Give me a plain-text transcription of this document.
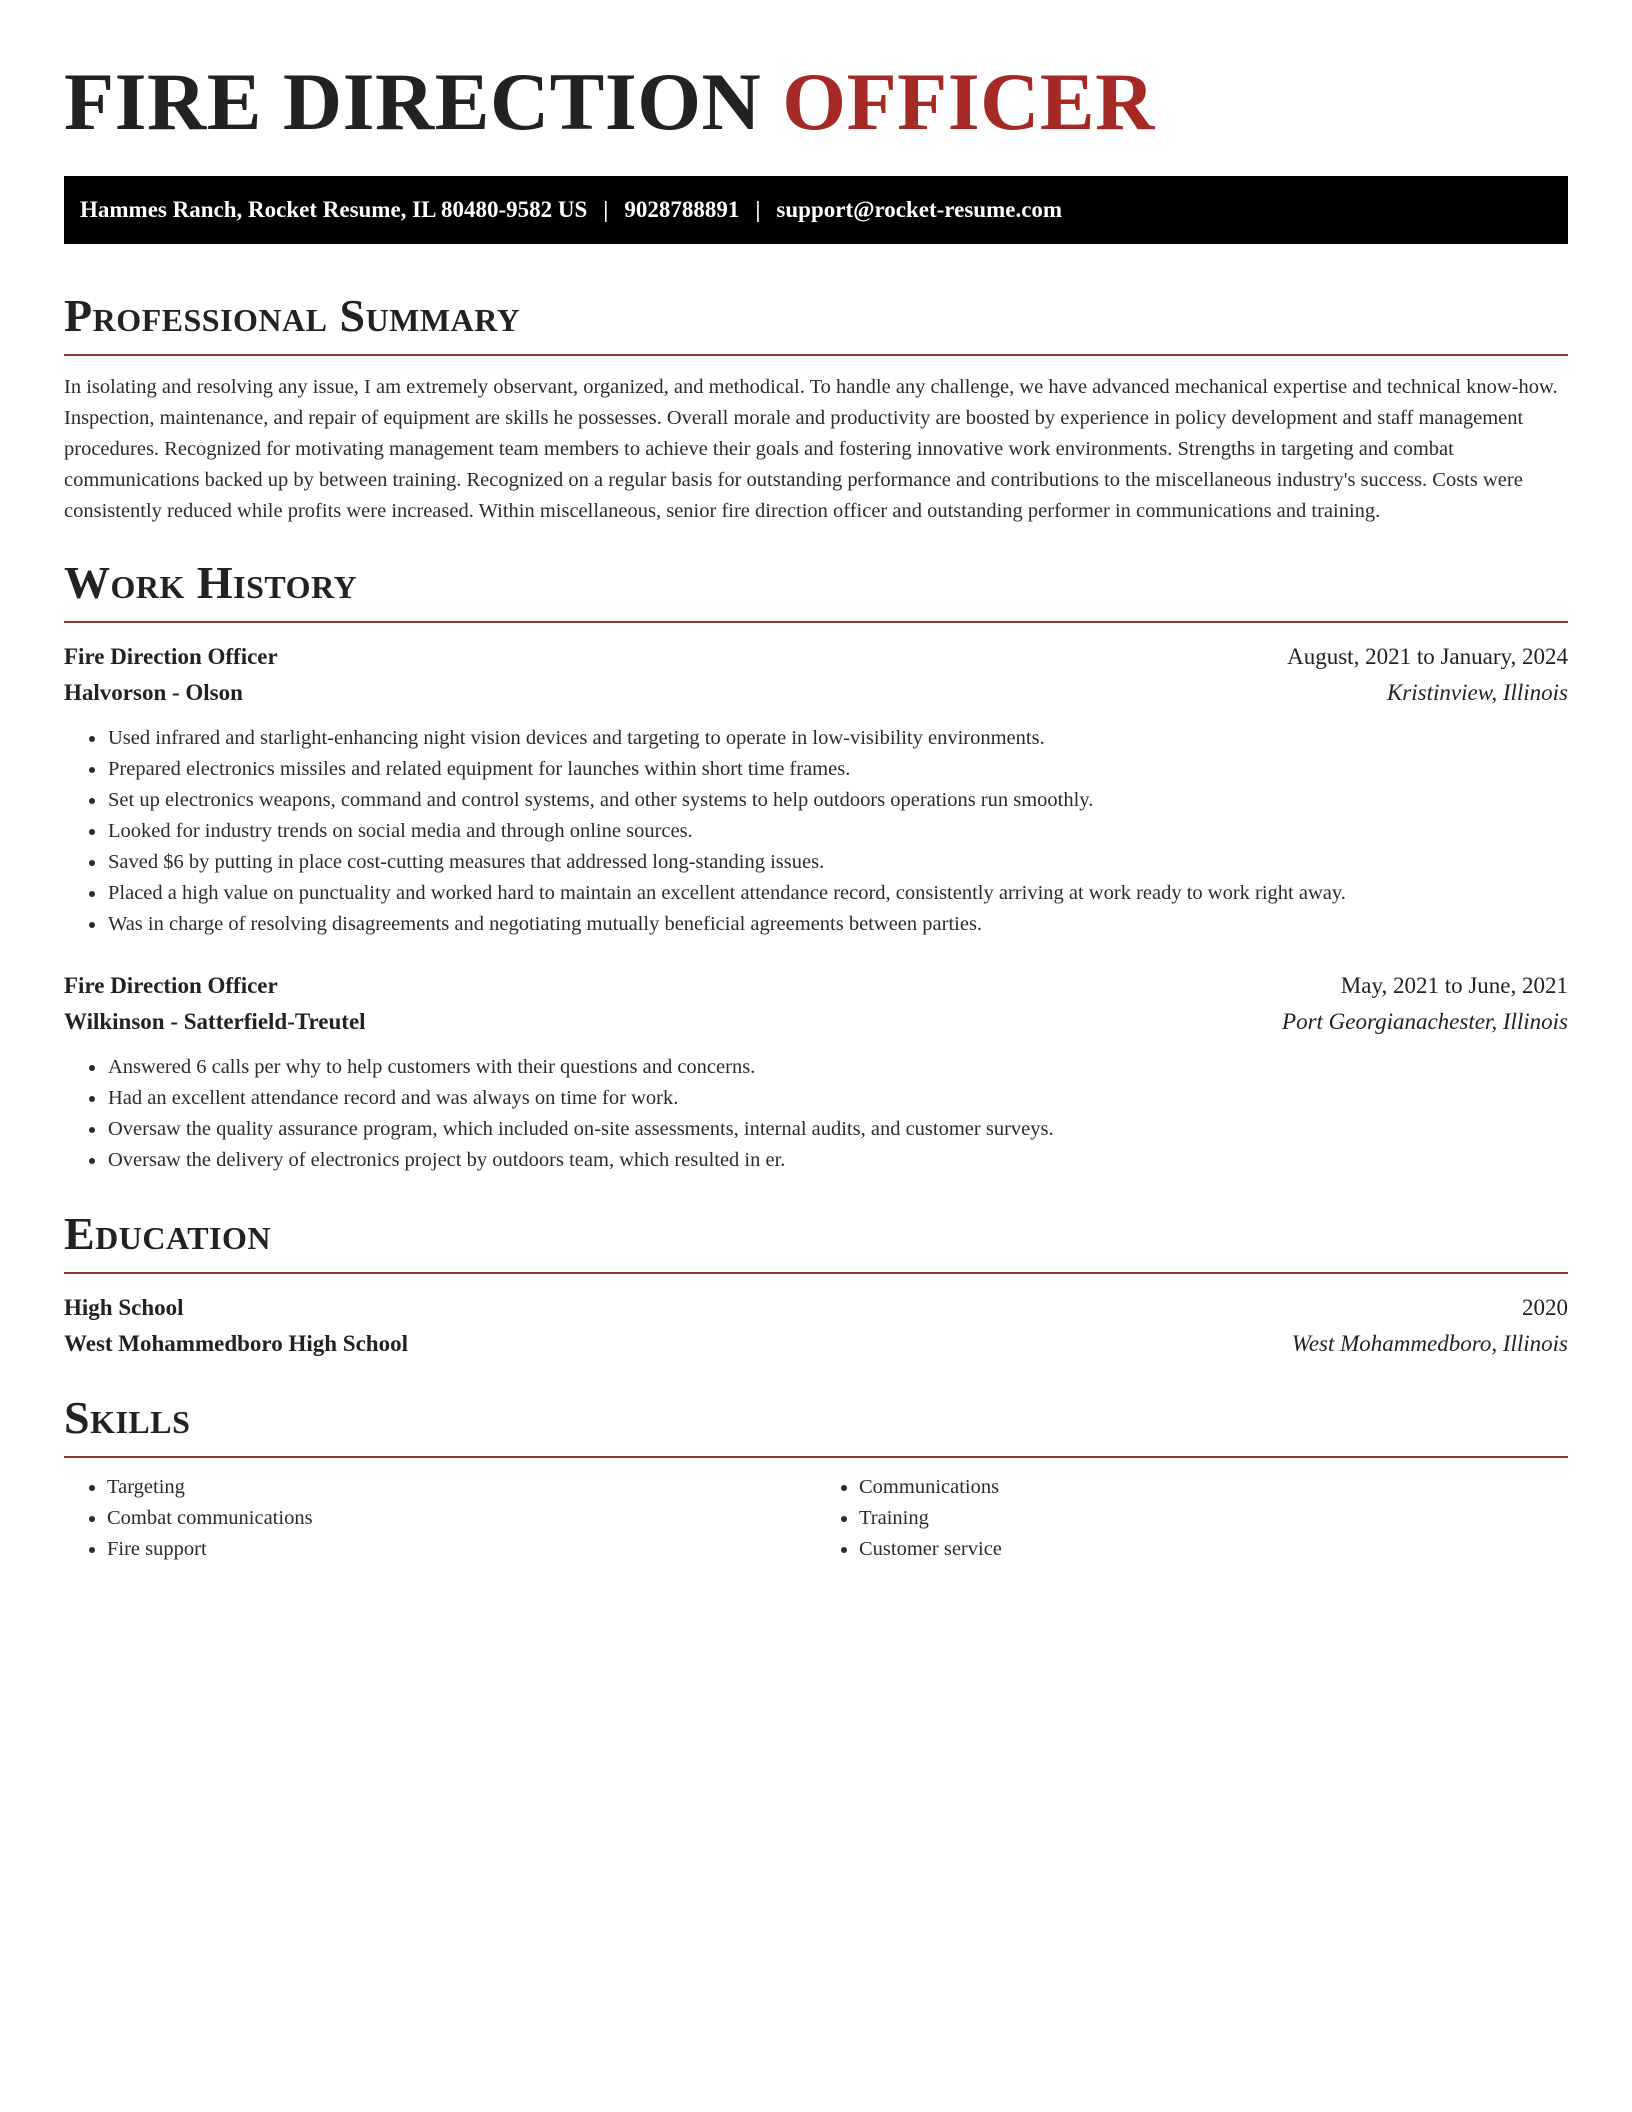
FIRE DIRECTION OFFICER
Hammes Ranch, Rocket Resume, IL 80480-9582 US | 9028788891 | support@rocket-resume.com
Professional Summary

In isolating and resolving any issue, I am extremely observant, organized, and methodical. To handle any challenge, we have advanced mechanical expertise and technical know-how. Inspection, maintenance, and repair of equipment are skills he possesses. Overall morale and productivity are boosted by experience in policy development and staff management procedures. Recognized for motivating management team members to achieve their goals and fostering innovative work environments. Strengths in targeting and combat communications backed up by between training. Recognized on a regular basis for outstanding performance and contributions to the miscellaneous industry's success. Costs were consistently reduced while profits were increased. Within miscellaneous, senior fire direction officer and outstanding performer in communications and training.

Work History
Fire Direction Officer	August, 2021 to January, 2024
Halvorson - Olson	Kristinview, Illinois
• Used infrared and starlight-enhancing night vision devices and targeting to operate in low-visibility environments.
• Prepared electronics missiles and related equipment for launches within short time frames.
• Set up electronics weapons, command and control systems, and other systems to help outdoors operations run smoothly.
• Looked for industry trends on social media and through online sources.
• Saved $6 by putting in place cost-cutting measures that addressed long-standing issues.
• Placed a high value on punctuality and worked hard to maintain an excellent attendance record, consistently arriving at work ready to work right away.
• Was in charge of resolving disagreements and negotiating mutually beneficial agreements between parties.
Fire Direction Officer	May, 2021 to June, 2021
Wilkinson - Satterfield-Treutel	Port Georgianachester, Illinois
• Answered 6 calls per why to help customers with their questions and concerns.
• Had an excellent attendance record and was always on time for work.
• Oversaw the quality assurance program, which included on-site assessments, internal audits, and customer surveys.
• Oversaw the delivery of electronics project by outdoors team, which resulted in er.
Education
High School	2020
West Mohammedboro High School	West Mohammedboro, Illinois
Skills
• Targeting
• Combat communications
• Fire support
• Communications
• Training
• Customer service
